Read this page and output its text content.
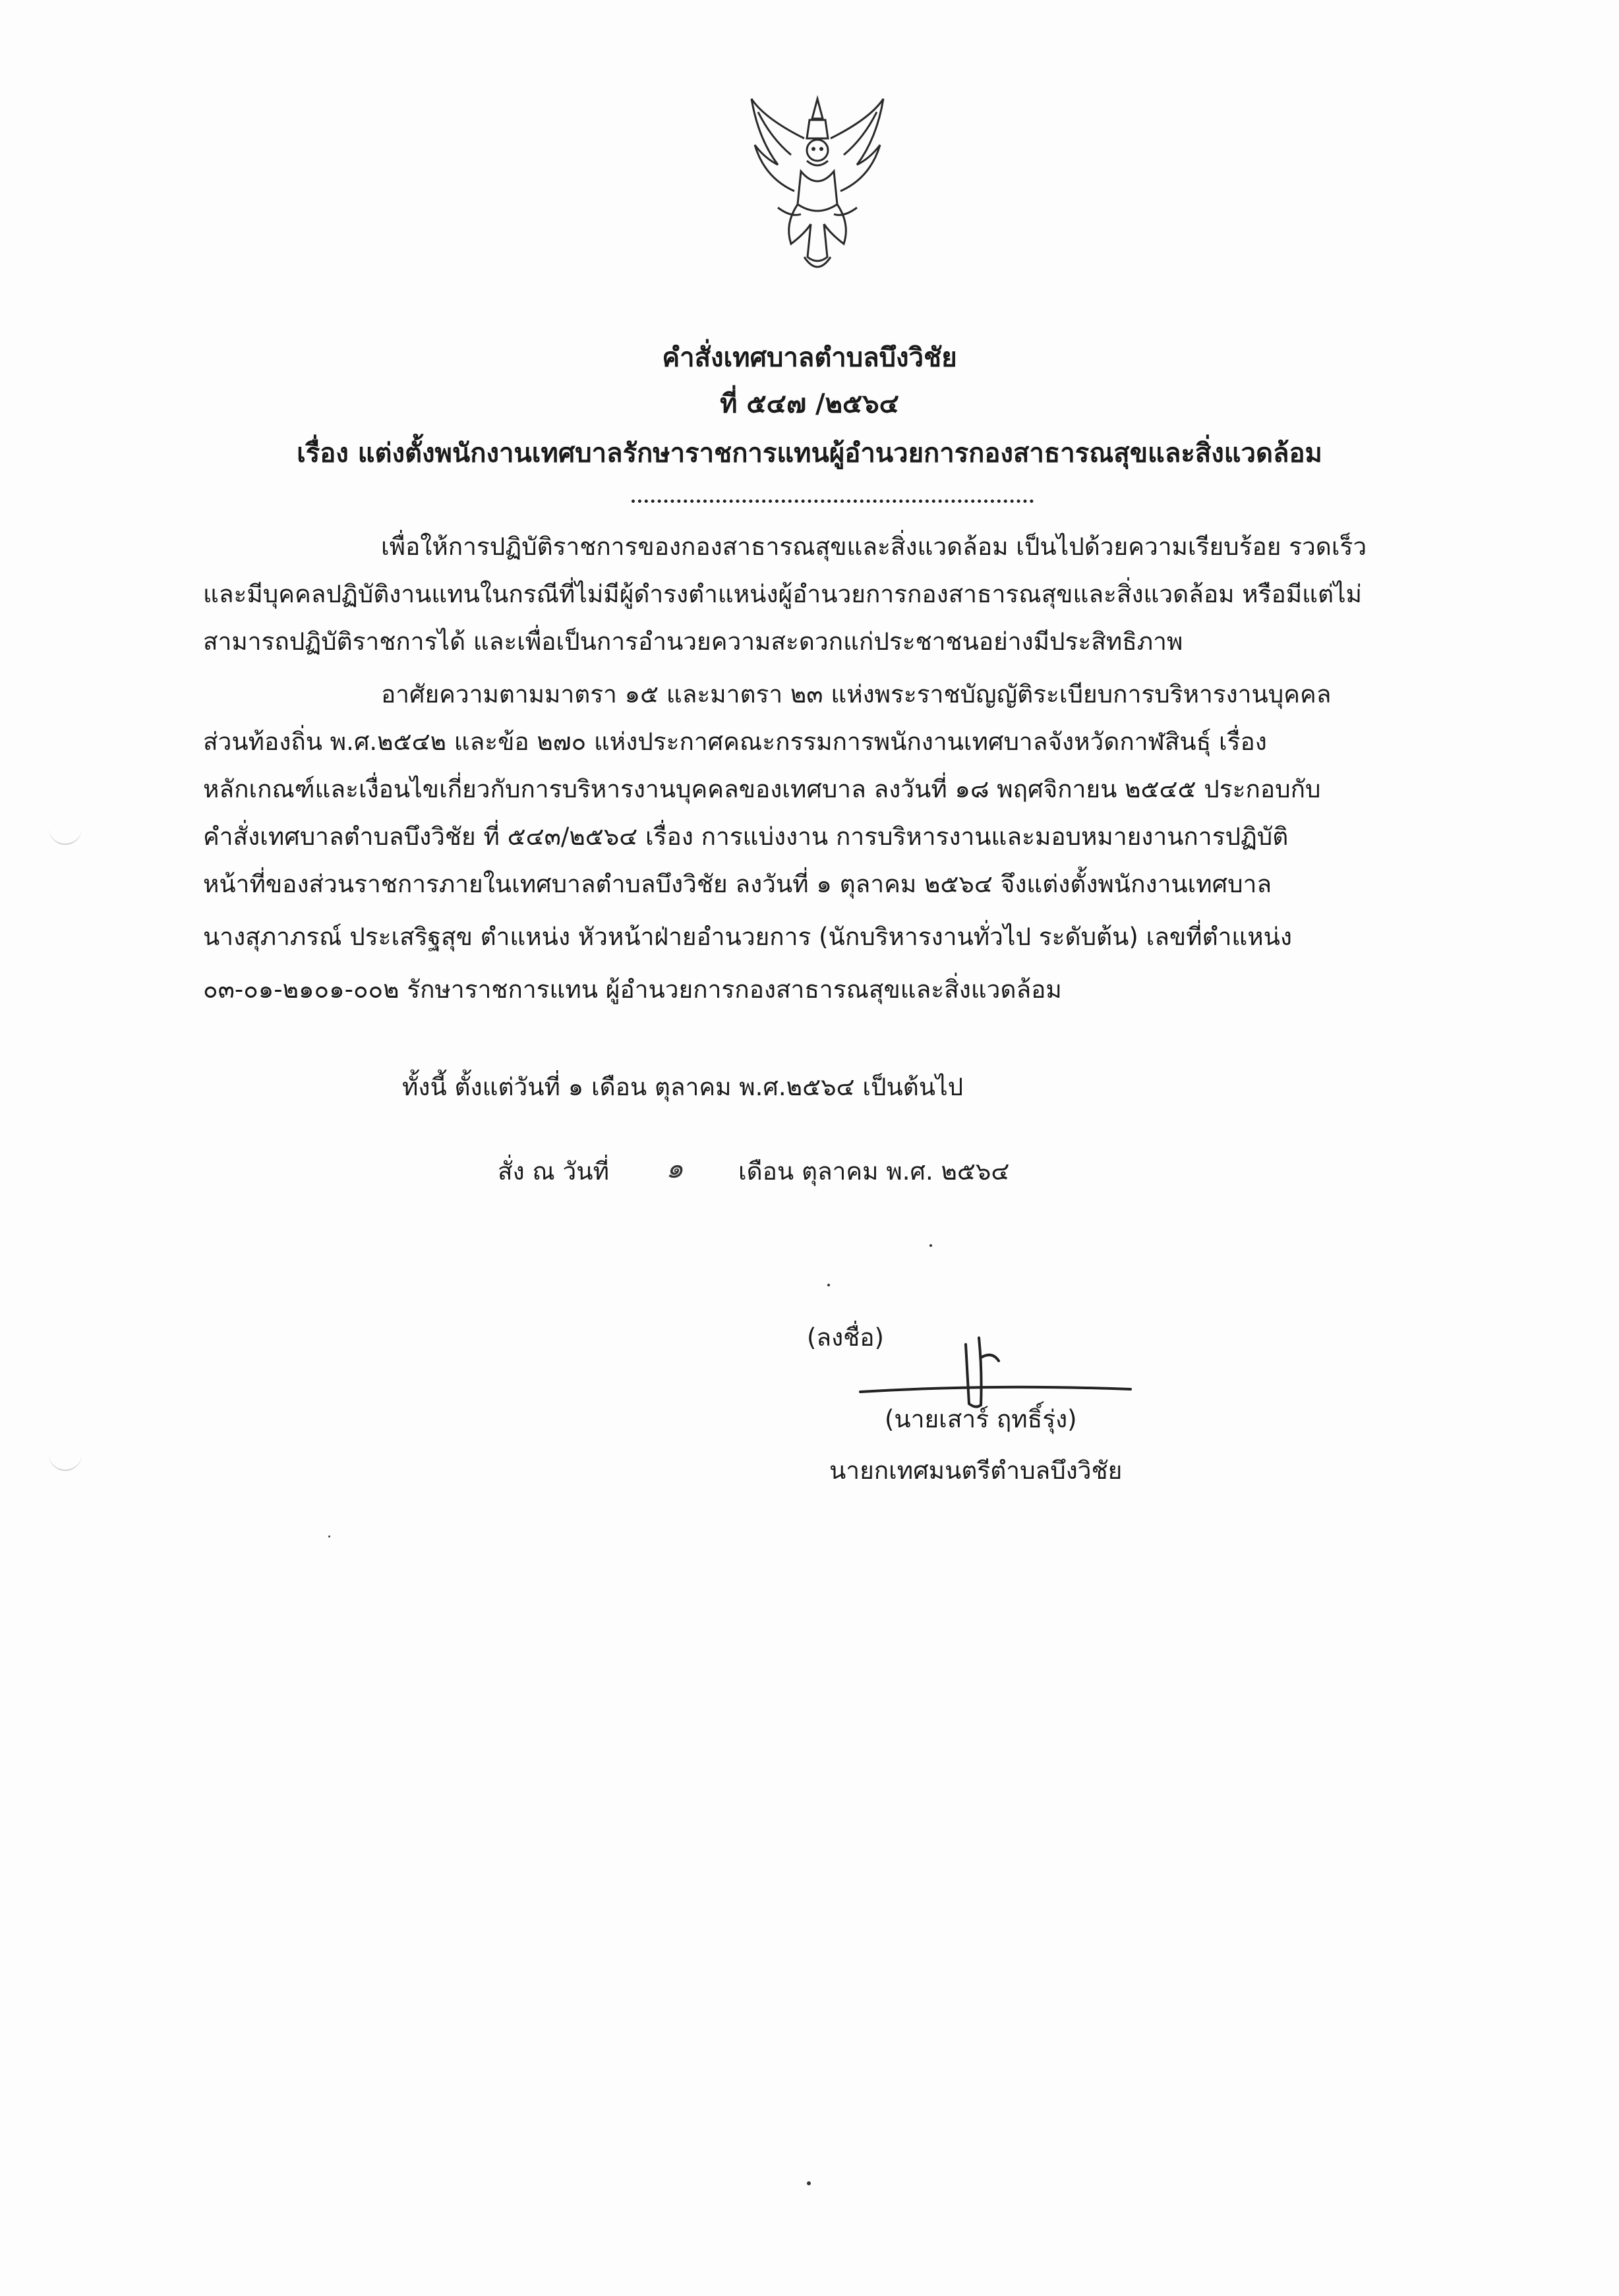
คำสั่งเทศบาลตำบลบึงวิชัย
ที่ ๕๔๗ /๒๕๖๔
เรื่อง แต่งตั้งพนักงานเทศบาลรักษาราชการแทนผู้อำนวยการกองสาธารณสุขและสิ่งแวดล้อม
เพื่อให้การปฏิบัติราชการของกองสาธารณสุขและสิ่งแวดล้อม เป็นไปด้วยความเรียบร้อย รวดเร็ว
และมีบุคคลปฏิบัติงานแทนในกรณีที่ไม่มีผู้ดำรงตำแหน่งผู้อำนวยการกองสาธารณสุขและสิ่งแวดล้อม หรือมีแต่ไม่
สามารถปฏิบัติราชการได้ และเพื่อเป็นการอำนวยความสะดวกแก่ประชาชนอย่างมีประสิทธิภาพ
อาศัยความตามมาตรา ๑๕ และมาตรา ๒๓ แห่งพระราชบัญญัติระเบียบการบริหารงานบุคคล
ส่วนท้องถิ่น พ.ศ.๒๕๔๒ และข้อ ๒๗๐ แห่งประกาศคณะกรรมการพนักงานเทศบาลจังหวัดกาฬสินธุ์ เรื่อง
หลักเกณฑ์และเงื่อนไขเกี่ยวกับการบริหารงานบุคคลของเทศบาล ลงวันที่ ๑๘ พฤศจิกายน ๒๕๔๕ ประกอบกับ
คำสั่งเทศบาลตำบลบึงวิชัย ที่ ๕๔๓/๒๕๖๔ เรื่อง การแบ่งงาน การบริหารงานและมอบหมายงานการปฏิบัติ
หน้าที่ของส่วนราชการภายในเทศบาลตำบลบึงวิชัย ลงวันที่ ๑ ตุลาคม ๒๕๖๔ จึงแต่งตั้งพนักงานเทศบาล
นางสุภาภรณ์ ประเสริฐสุข ตำแหน่ง หัวหน้าฝ่ายอำนวยการ (นักบริหารงานทั่วไป ระดับต้น) เลขที่ตำแหน่ง
๐๓-๐๑-๒๑๐๑-๐๐๒ รักษาราชการแทน ผู้อำนวยการกองสาธารณสุขและสิ่งแวดล้อม
ทั้งนี้ ตั้งแต่วันที่ ๑ เดือน ตุลาคม พ.ศ.๒๕๖๔ เป็นต้นไป
สั่ง ณ วันที่ ๑ เดือน ตุลาคม พ.ศ. ๒๕๖๔
(ลงชื่อ)
(นายเสาร์ ฤทธิ์รุ่ง)
นายกเทศมนตรีตำบลบึงวิชัย
